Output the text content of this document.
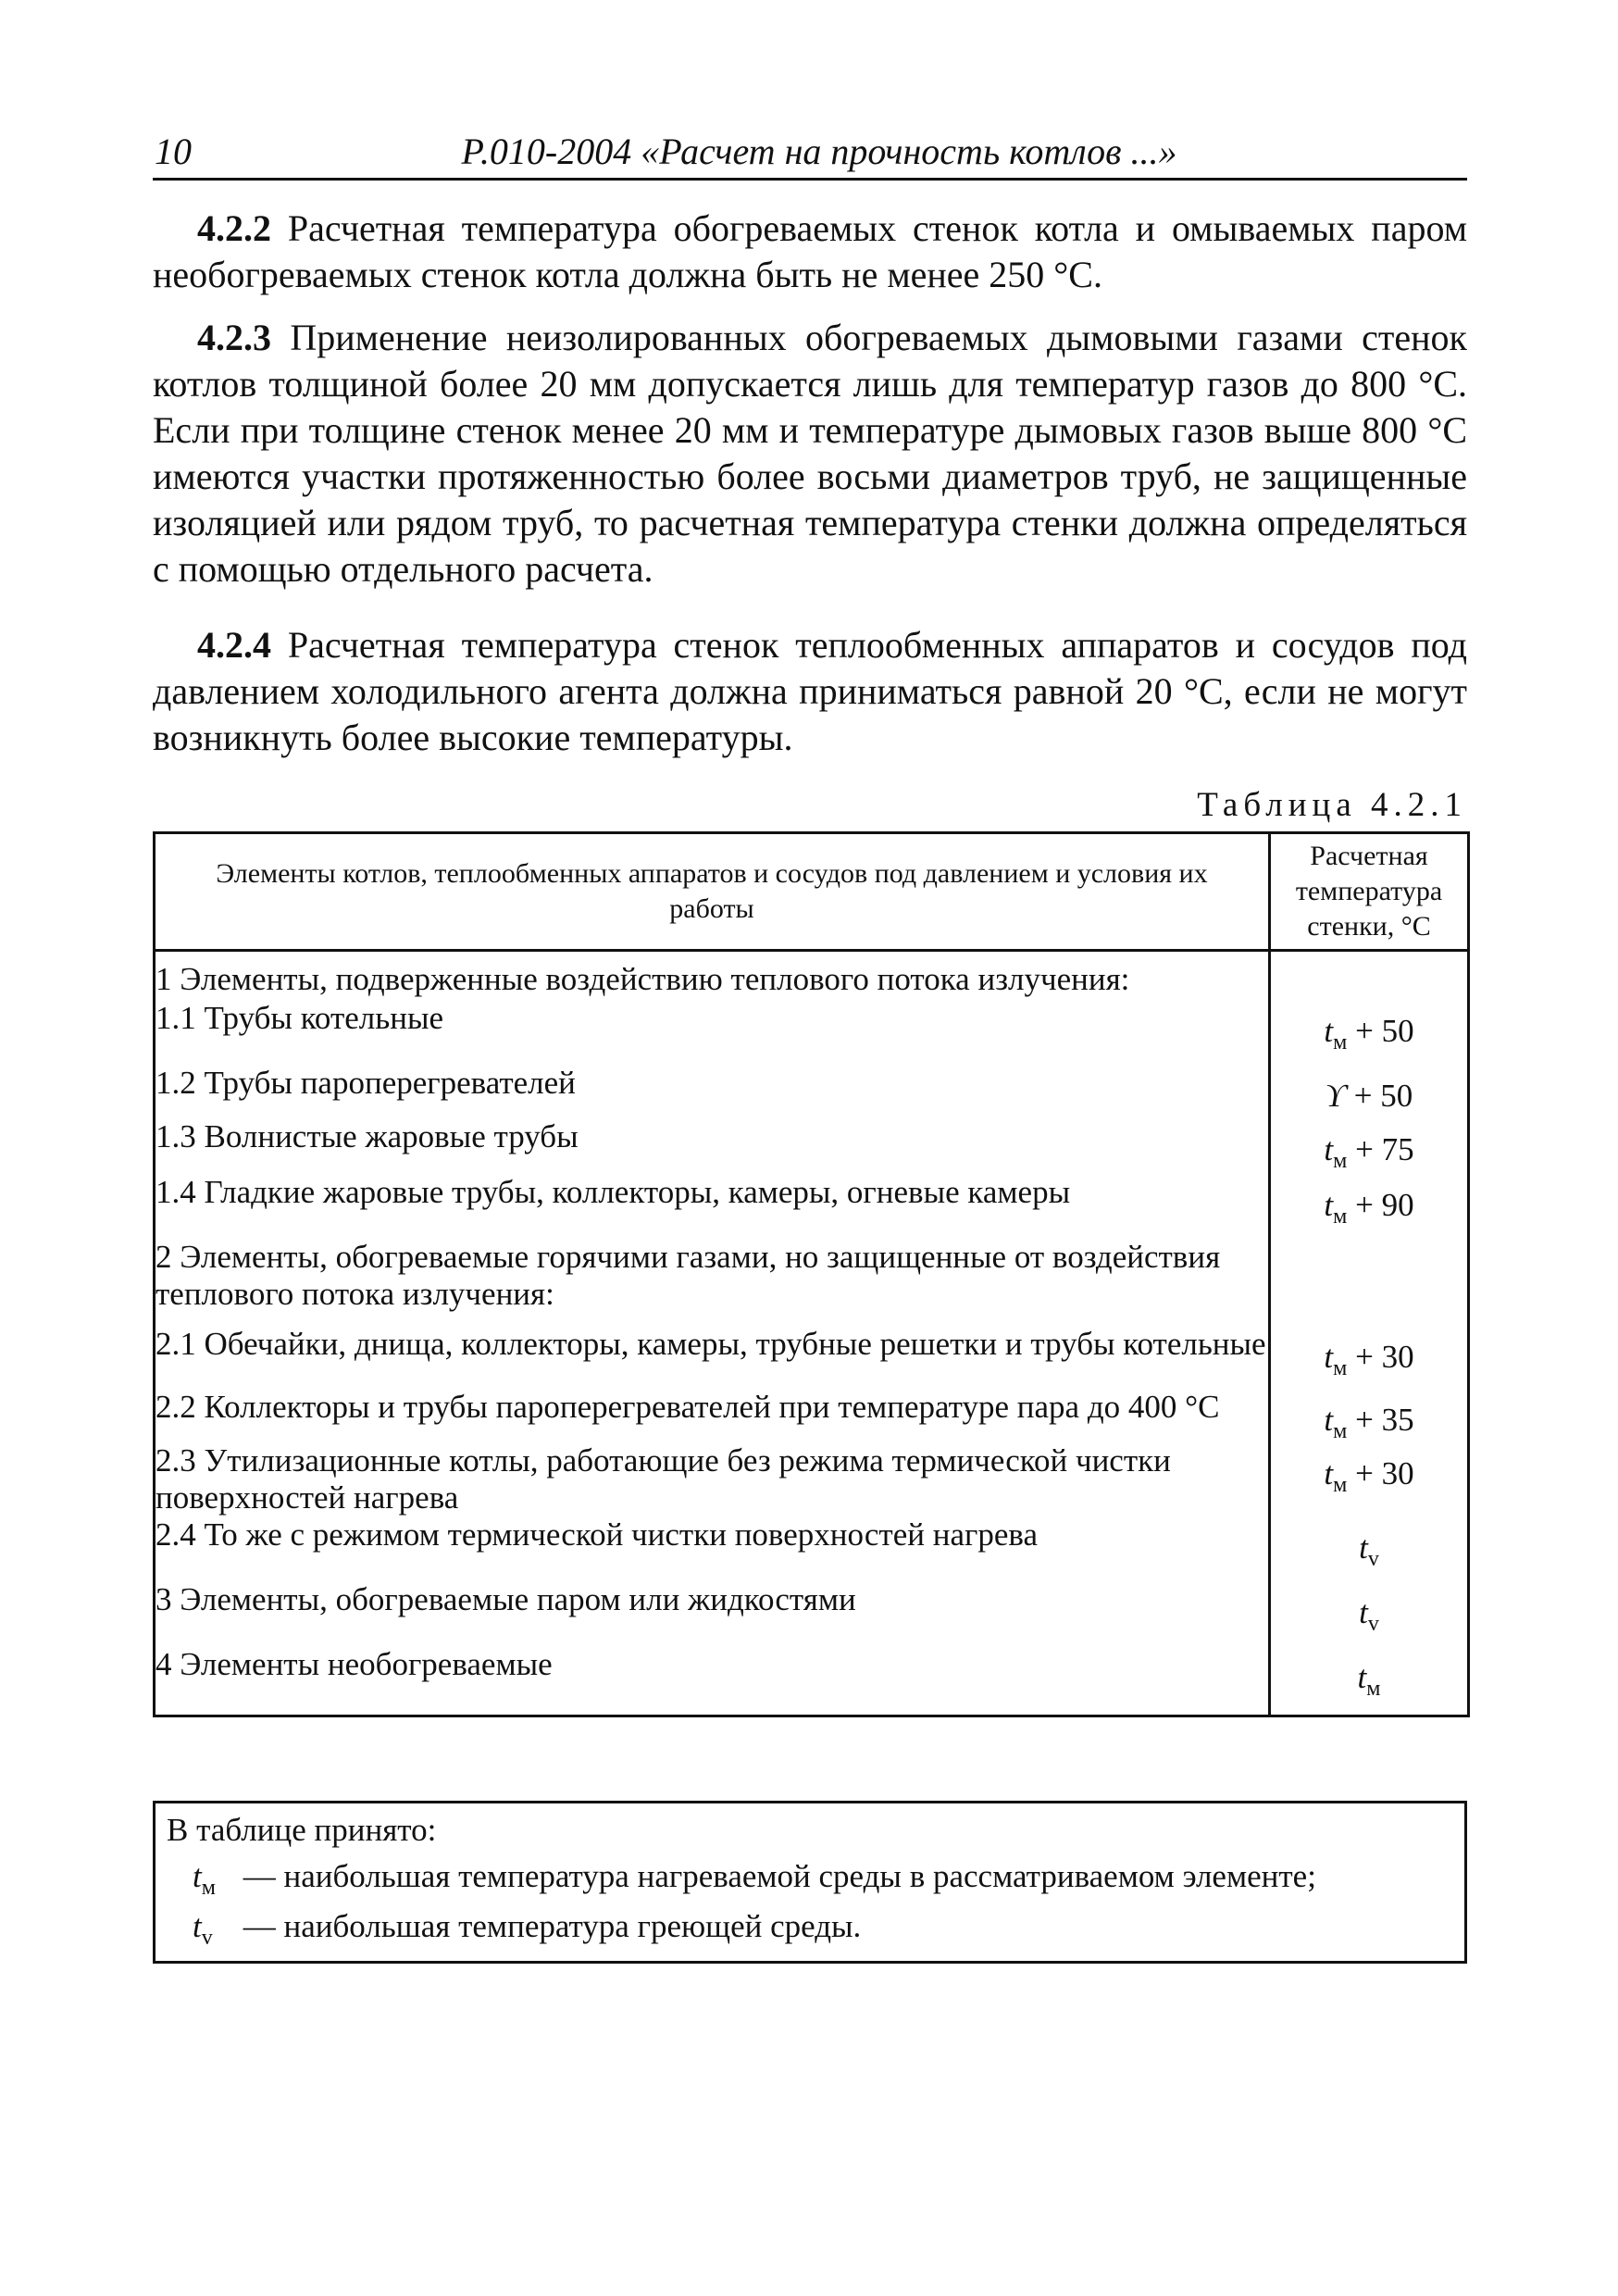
10	Р.010-2004 «Расчет на прочность котлов ...»

4.2.2 Расчетная температура обогреваемых стенок котла и омываемых паром необогреваемых стенок котла должна быть не менее 250 °С.

4.2.3 Применение неизолированных обогреваемых дымовыми газами стенок котлов толщиной более 20 мм допускается лишь для температур газов до 800 °С. Если при толщине стенок менее 20 мм и температуре дымовых газов выше 800 °С имеются участки протяженностью более восьми диаметров труб, не защищенные изоляцией или рядом труб, то расчетная температура стенки должна определяться с помощью отдельного расчета.

4.2.4 Расчетная температура стенок теплообменных аппаратов и сосудов под давлением холодильного агента должна приниматься равной 20 °С, если не могут возникнуть более высокие температуры.

Таблица 4.2.1
Элементы котлов, теплообменных аппаратов и сосудов под давлением и условия их работы	Расчетная температура стенки, °С
1 Элементы, подверженные воздействию теплового потока излучения:	
1.1 Трубы котельные	$t_м + 50$
1.2 Трубы пароперегревателей	ϒ + 50
1.3 Волнистые жаровые трубы	$t_м + 75$
1.4 Гладкие жаровые трубы, коллекторы, камеры, огневые камеры	$t_м + 90$
2 Элементы, обогреваемые горячими газами, но защищенные от воздействия теплового потока излучения:	
2.1 Обечайки, днища, коллекторы, камеры, трубные решетки и трубы котельные	$t_м + 30$
2.2 Коллекторы и трубы пароперегревателей при температуре пара до 400 °С	$t_м + 35$
2.3 Утилизационные котлы, работающие без режима термической чистки поверхностей нагрева	$t_м + 30$
2.4 То же с режимом термической чистки поверхностей нагрева	$t_v$
3 Элементы, обогреваемые паром или жидкостями	$t_v$
4 Элементы необогреваемые	$t_м$
В таблице принято:
$t_м$ — наибольшая температура нагреваемой среды в рассматриваемом элементе;
$t_v$ — наибольшая температура греющей среды.
